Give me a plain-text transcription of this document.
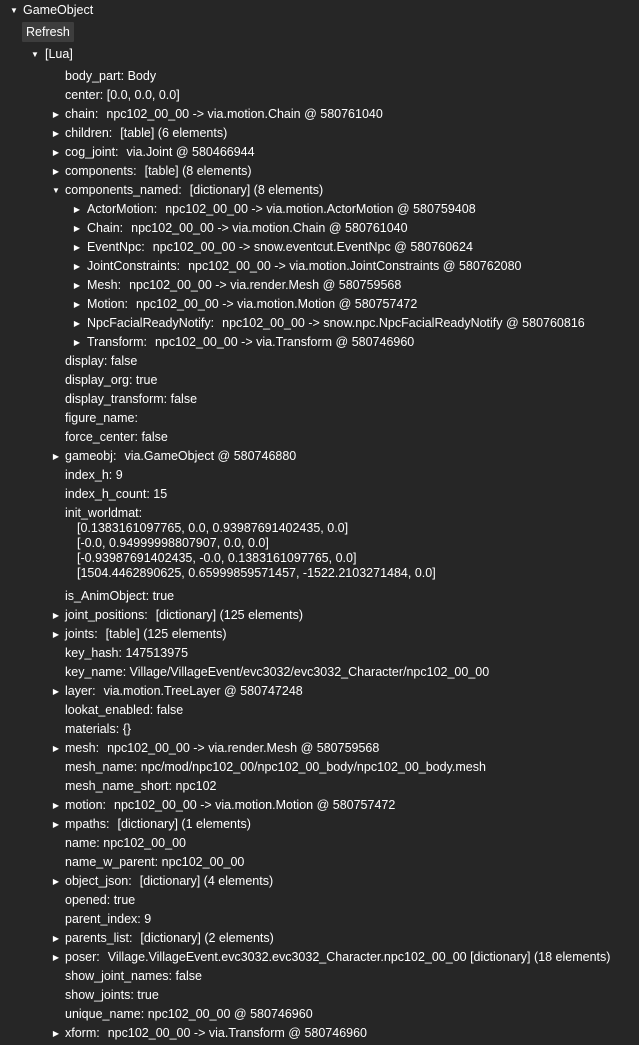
▼ GameObject
Refresh
▼ [Lua]
body_part: Body
center: [0.0, 0.0, 0.0]
▶ chain: npc102_00_00 -> via.motion.Chain @ 580761040
▶ children: [table] (6 elements)
▶ cog_joint: via.Joint @ 580466944
▶ components: [table] (8 elements)
▼ components_named: [dictionary] (8 elements)
▶ ActorMotion: npc102_00_00 -> via.motion.ActorMotion @ 580759408
▶ Chain: npc102_00_00 -> via.motion.Chain @ 580761040
▶ EventNpc: npc102_00_00 -> snow.eventcut.EventNpc @ 580760624
▶ JointConstraints: npc102_00_00 -> via.motion.JointConstraints @ 580762080
▶ Mesh: npc102_00_00 -> via.render.Mesh @ 580759568
▶ Motion: npc102_00_00 -> via.motion.Motion @ 580757472
▶ NpcFacialReadyNotify: npc102_00_00 -> snow.npc.NpcFacialReadyNotify @ 580760816
▶ Transform: npc102_00_00 -> via.Transform @ 580746960
display: false
display_org: true
display_transform: false
figure_name:
force_center: false
▶ gameobj: via.GameObject @ 580746880
index_h: 9
index_h_count: 15
init_worldmat:
[0.1383161097765, 0.0, 0.93987691402435, 0.0]
[-0.0, 0.94999998807907, 0.0, 0.0]
[-0.93987691402435, -0.0, 0.1383161097765, 0.0]
[1504.4462890625, 0.65999859571457, -1522.2103271484, 0.0]
is_AnimObject: true
▶ joint_positions: [dictionary] (125 elements)
▶ joints: [table] (125 elements)
key_hash: 147513975
key_name: Village/VillageEvent/evc3032/evc3032_Character/npc102_00_00
▶ layer: via.motion.TreeLayer @ 580747248
lookat_enabled: false
materials: {}
▶ mesh: npc102_00_00 -> via.render.Mesh @ 580759568
mesh_name: npc/mod/npc102_00/npc102_00_body/npc102_00_body.mesh
mesh_name_short: npc102
▶ motion: npc102_00_00 -> via.motion.Motion @ 580757472
▶ mpaths: [dictionary] (1 elements)
name: npc102_00_00
name_w_parent: npc102_00_00
▶ object_json: [dictionary] (4 elements)
opened: true
parent_index: 9
▶ parents_list: [dictionary] (2 elements)
▶ poser: Village.VillageEvent.evc3032.evc3032_Character.npc102_00_00 [dictionary] (18 elements)
show_joint_names: false
show_joints: true
unique_name: npc102_00_00 @ 580746960
▶ xform: npc102_00_00 -> via.Transform @ 580746960
